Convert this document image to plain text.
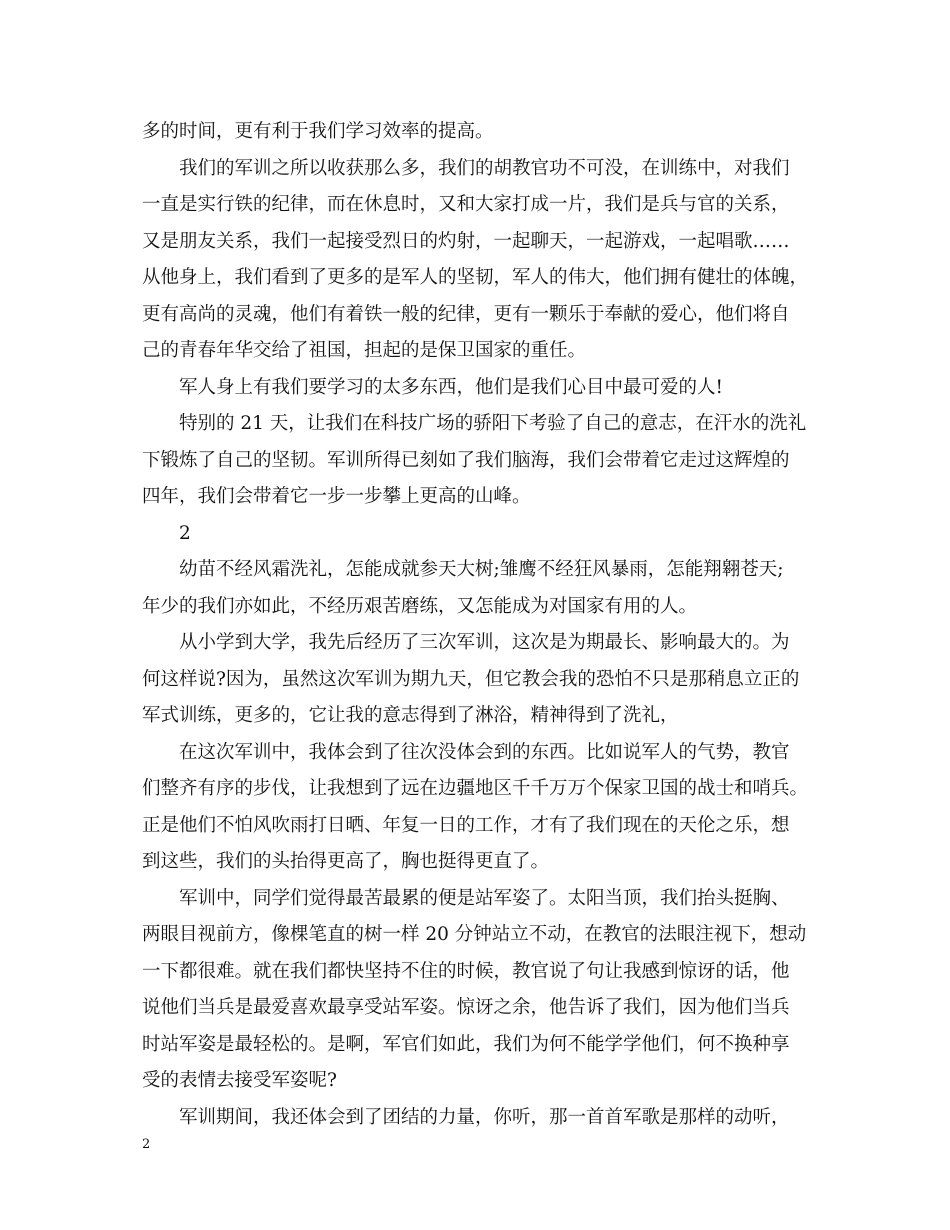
多的时间，更有利于我们学习效率的提高。
我们的军训之所以收获那么多，我们的胡教官功不可没，在训练中，对我们
一直是实行铁的纪律，而在休息时，又和大家打成一片，我们是兵与官的关系，
又是朋友关系，我们一起接受烈日的灼射，一起聊天，一起游戏，一起唱歌……
从他身上，我们看到了更多的是军人的坚韧，军人的伟大，他们拥有健壮的体魄，
更有高尚的灵魂，他们有着铁一般的纪律，更有一颗乐于奉献的爱心，他们将自
己的青春年华交给了祖国，担起的是保卫国家的重任。
军人身上有我们要学习的太多东西，他们是我们心目中最可爱的人!
特别的 21 天，让我们在科技广场的骄阳下考验了自己的意志，在汗水的洗礼
下锻炼了自己的坚韧。军训所得已刻如了我们脑海，我们会带着它走过这辉煌的
四年，我们会带着它一步一步攀上更高的山峰。
2
幼苗不经风霜洗礼，怎能成就参天大树;雏鹰不经狂风暴雨，怎能翔翱苍天;
年少的我们亦如此，不经历艰苦磨练，又怎能成为对国家有用的人。
从小学到大学，我先后经历了三次军训，这次是为期最长、影响最大的。为
何这样说?因为，虽然这次军训为期九天，但它教会我的恐怕不只是那稍息立正的
军式训练，更多的，它让我的意志得到了淋浴，精神得到了洗礼，
在这次军训中，我体会到了往次没体会到的东西。比如说军人的气势，教官
们整齐有序的步伐，让我想到了远在边疆地区千千万万个保家卫国的战士和哨兵。
正是他们不怕风吹雨打日晒、年复一日的工作，才有了我们现在的天伦之乐，想
到这些，我们的头抬得更高了，胸也挺得更直了。
军训中，同学们觉得最苦最累的便是站军姿了。太阳当顶，我们抬头挺胸、
两眼目视前方，像棵笔直的树一样 20 分钟站立不动，在教官的法眼注视下，想动
一下都很难。就在我们都快坚持不住的时候，教官说了句让我感到惊讶的话，他
说他们当兵是最爱喜欢最享受站军姿。惊讶之余，他告诉了我们，因为他们当兵
时站军姿是最轻松的。是啊，军官们如此，我们为何不能学学他们，何不换种享
受的表情去接受军姿呢?
军训期间，我还体会到了团结的力量，你听，那一首首军歌是那样的动听，
2
